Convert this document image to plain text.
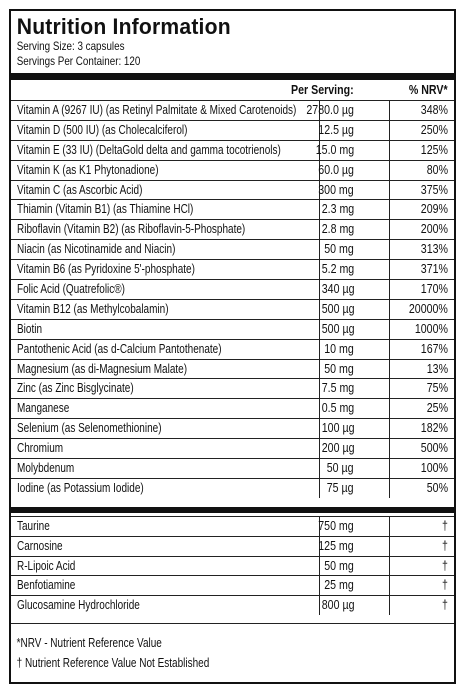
Nutrition Information
Serving Size: 3 capsules
Servings Per Container: 120
Per Serving:	% NRV*
Vitamin A (9267 IU) (as Retinyl Palmitate & Mixed Carotenoids) 2780.0 µg	348%
Vitamin D (500 IU) (as Cholecalciferol)	12.5 µg	250%
Vitamin E (33 IU) (DeltaGold delta and gamma tocotrienols)	15.0 mg	125%
Vitamin K (as K1 Phytonadione)	60.0 µg	80%
Vitamin C (as Ascorbic Acid)	300 mg	375%
Thiamin (Vitamin B1) (as Thiamine HCl)	2.3 mg	209%
Riboflavin (Vitamin B2) (as Riboflavin-5-Phosphate)	2.8 mg	200%
Niacin (as Nicotinamide and Niacin)	50 mg	313%
Vitamin B6 (as Pyridoxine 5'-phosphate)	5.2 mg	371%
Folic Acid (Quatrefolic®)	340 µg	170%
Vitamin B12 (as Methylcobalamin)	500 µg	20000%
Biotin	500 µg	1000%
Pantothenic Acid (as d-Calcium Pantothenate)	10 mg	167%
Magnesium (as di-Magnesium Malate)	50 mg	13%
Zinc (as Zinc Bisglycinate)	7.5 mg	75%
Manganese	0.5 mg	25%
Selenium (as Selenomethionine)	100 µg	182%
Chromium	200 µg	500%
Molybdenum	50 µg	100%
Iodine (as Potassium Iodide)	75 µg	50%
Taurine	750 mg	†
Carnosine	125 mg	†
R-Lipoic Acid	50 mg	†
Benfotiamine	25 mg	†
Glucosamine Hydrochloride	800 µg	†
*NRV - Nutrient Reference Value
† Nutrient Reference Value Not Established
